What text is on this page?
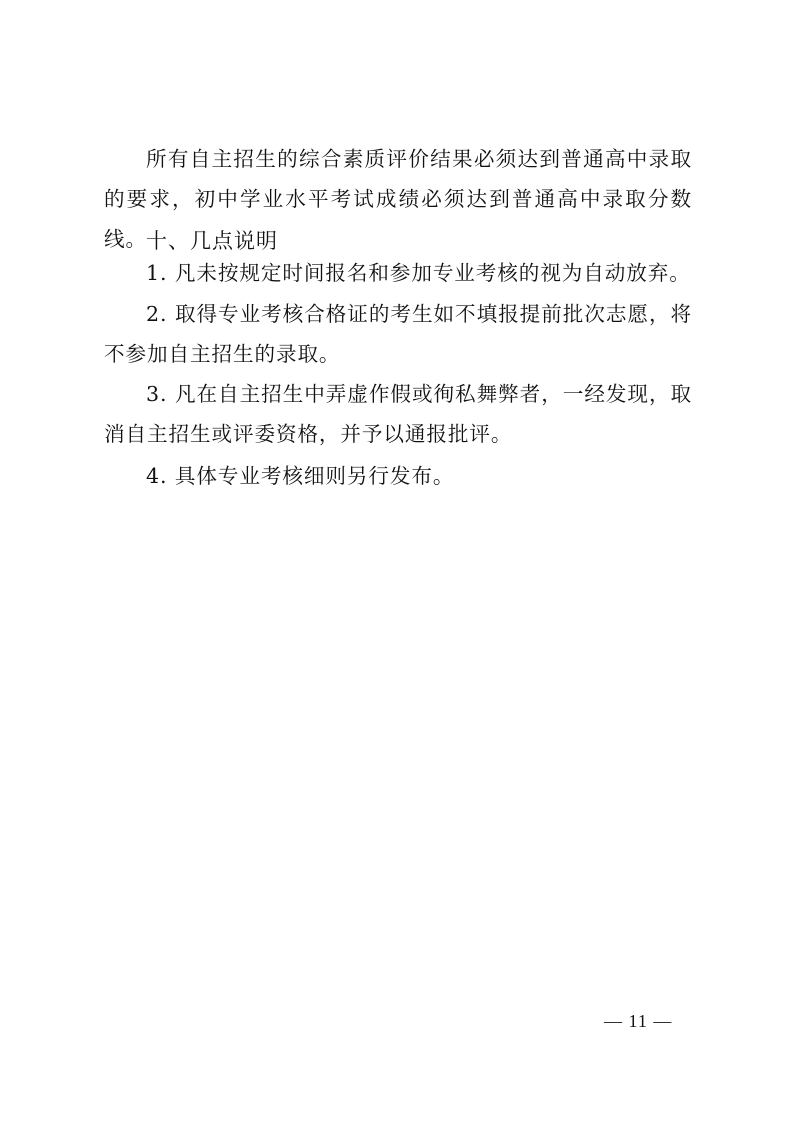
所有自主招生的综合素质评价结果必须达到普通高中录取的要求，初中学业水平考试成绩必须达到普通高中录取分数线。 十、几点说明

1. 凡未按规定时间报名和参加专业考核的视为自动放弃。

2. 取得专业考核合格证的考生如不填报提前批次志愿，将不参加自主招生的录取。

3. 凡在自主招生中弄虚作假或徇私舞弊者，一经发现，取消自主招生或评委资格，并予以通报批评。

4. 具体专业考核细则另行发布。

— 11 —
